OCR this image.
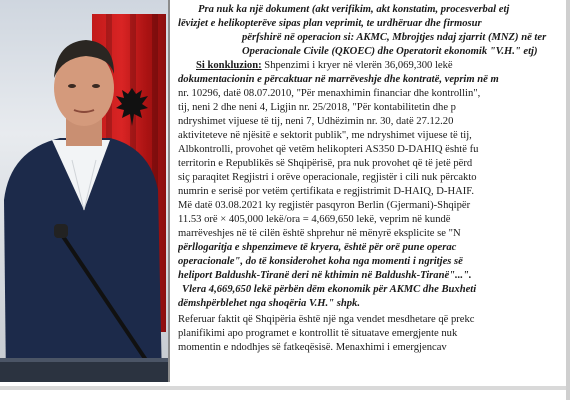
Pra nuk ka një dokument (akt verifikim, akt konstatim, procesverbal etj
lëvizjet e helikopterëve sipas plan veprimit, te urdhëruar dhe firmosur
përfshirë në operacion si: AKMC, Mbrojtjes ndaj zjarrit (MNZ) në ter
Operacionale Civile (QKOEC) dhe Operatorit ekonomik "V.H." etj)
Si konkluzion: Shpenzimi i kryer në vlerën 36,069,300 lekë
dokumentacionin e përcaktuar në marrëveshje dhe kontratë, veprim në m
nr. 10296, datë 08.07.2010, "Për menaxhimin financiar dhe kontrollin",
tij, neni 2 dhe neni 4, Ligjin nr. 25/2018, "Për kontabilitetin dhe p
ndryshimet vijuese të tij, neni 7, Udhëzimin nr. 30, datë 27.12.20
aktiviteteve në njësitë e sektorit publik", me ndryshimet vijuese të tij,
Albkontrolli, provohet që vetëm helikopteri AS350 D-DAHIQ është fu
territorin e Republikës së Shqipërisë, pra nuk provohet që të jetë përd
siç paraqitet Regjistri i orëve operacionale, regjistër i cili nuk përcakto
numrin e serisë por vetëm çertifikata e regjistrimit D-HAIQ, D-HAIF.
Më datë 03.08.2021 ky regjistër pasqyron Berlin (Gjermani)-Shqipër
11.53 orë × 405,000 lekë/ora = 4,669,650 lekë, veprim në kundë
marrëveshjes në të cilën është shprehur në mënyrë eksplicite se "N
përllogaritja e shpenzimeve të kryera, është për orë pune operac
operacionale", do të konsiderohet koha nga momenti i ngritjes së
heliport Baldushk-Tiranë deri në kthimin në Baldushk-Tiranë"...".
Vlera 4,669,650 lekë përbën dëm ekonomik për AKMC dhe Buxheti
dëmshpërblehet nga shoqëria V.H." shpk.
Referuar faktit që Shqipëria është një nga vendet mesdhetare që prekc
planifikimi apo programet e kontrollit të situatave emergjente nuk
momentin e ndodhjes së fatkeqësisë. Menaxhimi i emergjencav
